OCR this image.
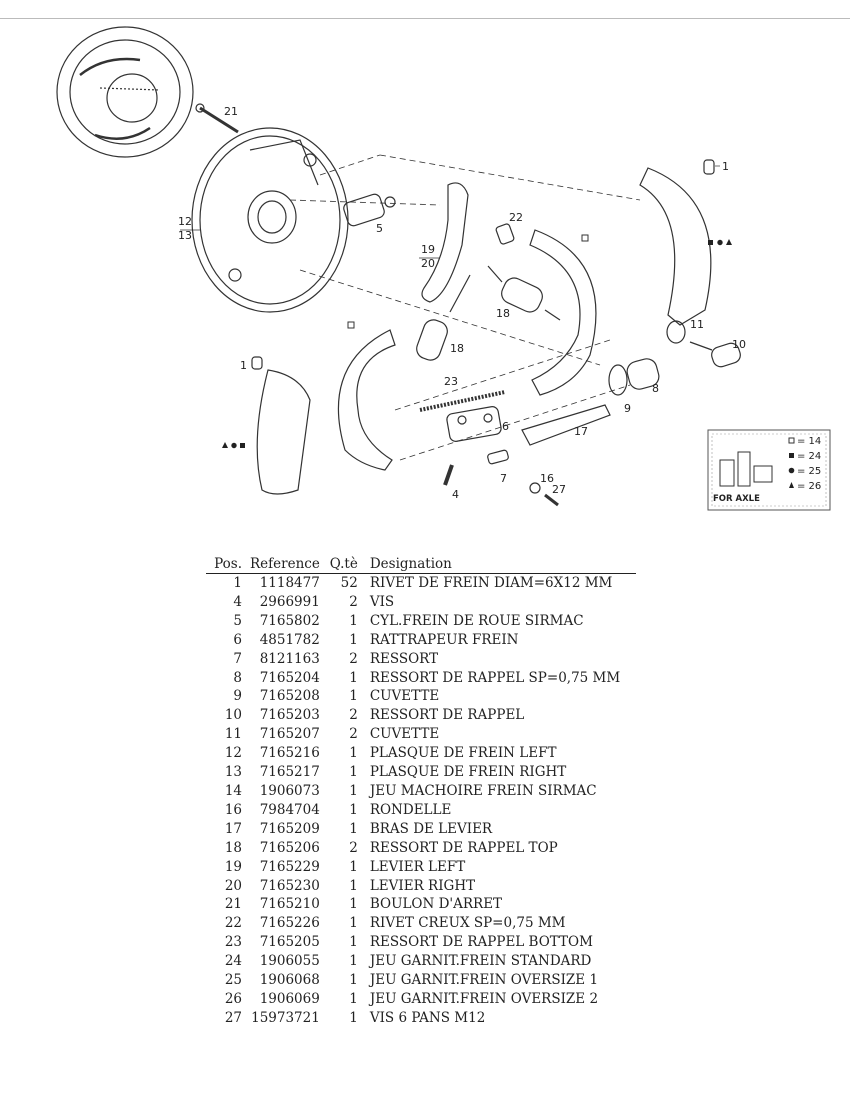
1
1
4
5
6
7
8
9
10
11
12
13
16
17
18
18
19
20
21
22
23
27
FOR AXLE
= 14
= 24
= 25
= 26
Pos.	Reference	Q.tè	Designation
1	1118477	52	RIVET DE FREIN DIAM=6X12 MM
4	2966991	2	VIS
5	7165802	1	CYL.FREIN DE ROUE SIRMAC
6	4851782	1	RATTRAPEUR FREIN
7	8121163	2	RESSORT
8	7165204	1	RESSORT DE RAPPEL SP=0,75 MM
9	7165208	1	CUVETTE
10	7165203	2	RESSORT DE RAPPEL
11	7165207	2	CUVETTE
12	7165216	1	PLASQUE DE FREIN LEFT
13	7165217	1	PLASQUE DE FREIN RIGHT
14	1906073	1	JEU MACHOIRE FREIN SIRMAC
16	7984704	1	RONDELLE
17	7165209	1	BRAS DE LEVIER
18	7165206	2	RESSORT DE RAPPEL TOP
19	7165229	1	LEVIER LEFT
20	7165230	1	LEVIER RIGHT
21	7165210	1	BOULON D'ARRET
22	7165226	1	RIVET CREUX SP=0,75 MM
23	7165205	1	RESSORT DE RAPPEL BOTTOM
24	1906055	1	JEU GARNIT.FREIN STANDARD
25	1906068	1	JEU GARNIT.FREIN OVERSIZE 1
26	1906069	1	JEU GARNIT.FREIN OVERSIZE 2
27	15973721	1	VIS 6 PANS M12
